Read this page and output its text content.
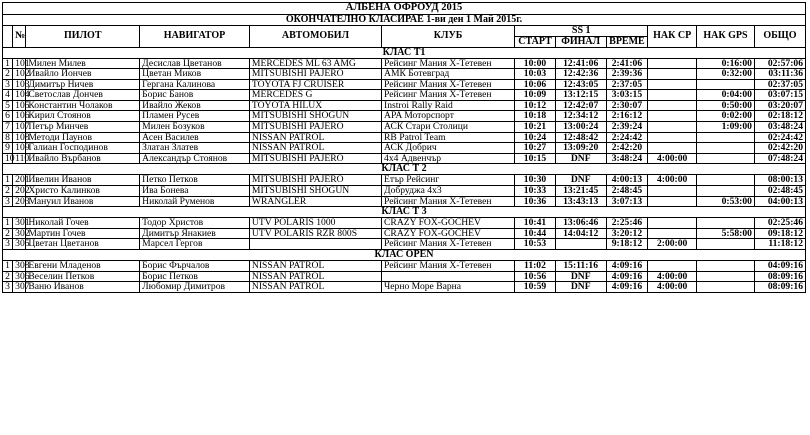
АЛБЕНА ОФРОУД 2015											
ОКОНЧАТЕЛНО КЛАСИРАЕ 1-ви ден 1 Май 2015г.											
	№	ПИЛОТ	НАВИГАТОР	АВТОМОБИЛ	КЛУБ	SS 1			НАК СР	НАК GPS	ОБЩО
						СТАРТ	ФИНАЛ	ВРЕМЕ			
КЛАС Т1											
1	101	Милен Милев	Десислав Цветанов	MERCEDES ML 63 AMG	Рейсинг Мания Х-Тетевен	10:00	12:41:06	2:41:06		0:16:00	02:57:06
2	102	Ивайло Йончев	Цветан Миков	MITSUBISHI PAJERO	АМК Ботевград	10:03	12:42:36	2:39:36		0:32:00	03:11:36
3	103	Димитър Ничев	Гергана Калинова	TOYOTA FJ CRUISER	Рейсинг Мания Х-Тетевен	10:06	12:43:05	2:37:05			02:37:05
4	104	Светослав Дончев	Борис Банов	MERCEDES G	Рейсинг Мания Х-Тетевен	10:09	13:12:15	3:03:15		0:04:00	03:07:15
5	105	Константин Чолаков	Ивайло Жеков	TOYOTA HILUX	Instroi Rally Raid	10:12	12:42:07	2:30:07		0:50:00	03:20:07
6	106	Кирил Стоянов	Пламен Русев	MITSUBISHI SHOGUN	APA Моторспорт	10:18	12:34:12	2:16:12		0:02:00	02:18:12
7	107	Петър Минчев	Милен Бозуков	MITSUBISHI PAJERO	АСК Стари Столици	10:21	13:00:24	2:39:24		1:09:00	03:48:24
8	108	Методи Паунов	Асен Василев	NISSAN PATROL	RB Patrol Team	10:24	12:48:42	2:24:42			02:24:42
9	109	Галиан Господинов	Златан Златев	NISSAN PATROL	АСК Добрич	10:27	13:09:20	2:42:20			02:42:20
10	110	Ивайло Върбанов	Александър Стоянов	MITSUBISHI PAJERO	4х4 Адвенчър	10:15	DNF	3:48:24	4:00:00		07:48:24
КЛАС Т 2											
1	201	Ивелин Иванов	Петко Петков	MITSUBISHI PAJERO	Етър Рейсинг	10:30	DNF	4:00:13	4:00:00		08:00:13
2	202	Христо Калинков	Ива Бонева	MITSUBISHI SHOGUN	Добруджа 4х3	10:33	13:21:45	2:48:45			02:48:45
3	203	Мануил Иванов	Николай Руменов	WRANGLER	Рейсинг Мания Х-Тетевен	10:36	13:43:13	3:07:13		0:53:00	04:00:13
КЛАС Т 3											
1	301	Николай Гочев	Тодор Христов	UTV POLARIS 1000	CRAZY FOX-GOCHEV	10:41	13:06:46	2:25:46			02:25:46
2	302	Мартин Гочев	Димитър Янакиев	UTV POLARIS RZR 800S	CRAZY FOX-GOCHEV	10:44	14:04:12	3:20:12		5:58:00	09:18:12
3	305	Цветан Цветанов	Марсел Гергов		Рейсинг Мания Х-Тетевен	10:53		9:18:12	2:00:00		11:18:12
КЛАС OPEN											
1	308	Евгени Младенов	Борис Фърчалов	NISSAN PATROL	Рейсинг Мания Х-Тетевен	11:02	15:11:16	4:09:16			04:09:16
2	306	Веселин Петков	Борис Петков	NISSAN PATROL		10:56	DNF	4:09:16	4:00:00		08:09:16
3	307	Ваню Иванов	Любомир Димитров	NISSAN PATROL	Черно Море Варна	10:59	DNF	4:09:16	4:00:00		08:09:16
